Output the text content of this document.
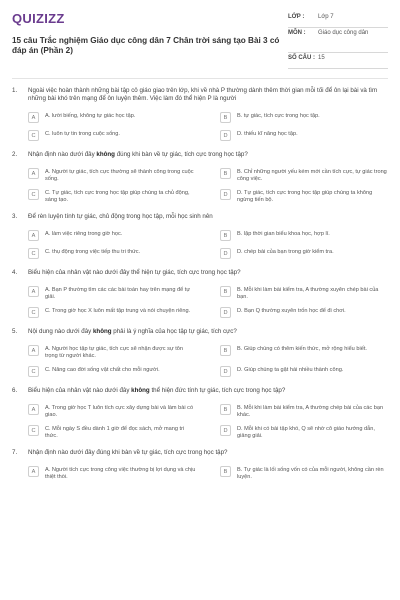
QUIZIZZ
15 câu Trắc nghiệm Giáo dục công dân 7 Chân trời sáng tạo Bài 3 có đáp án (Phần 2)
LỚP :	Lớp 7
MÔN :	Giáo dục công dân
SỐ CÂU : 15
1.	Ngoài việc hoàn thành những bài tập cô giáo giao trên lớp, khi về nhà P thường dành thêm thời gian mỗi tối để ôn lại bài và tìm những bài khó trên mạng để ôn luyện thêm. Việc làm đó thể hiện P là người
A	A. lười biếng, không tự giác học tập.	B	B. tự giác, tích cực trong học tập.
C	C. luôn tự tin trong cuộc sống.	D	D. thiếu kĩ năng học tập.
2.	Nhận định nào dưới đây không đúng khi bàn về tự giác, tích cực trong học tập?
A	A. Người tự giác, tích cực thường sẽ thành công trong cuộc sống.
B	B. Chỉ những người yếu kém mới cần tích cực, tự giác trong công việc.
C	C. Tự giác, tích cực trong học tập giúp chúng ta chủ động, sáng tạo.
D	D. Tự giác, tích cực trong học tập giúp chúng ta không ngừng tiến bộ.
3.	Để rèn luyện tính tự giác, chủ động trong học tập, mỗi học sinh nên
A	A. làm việc riêng trong giờ học.	B	B. lập thời gian biểu khoa học, hợp lí.
C	C. thụ động trong việc tiếp thu tri thức.	D	D. chép bài của bạn trong giờ kiểm tra.
4.	Biểu hiện của nhân vật nào dưới đây thể hiện tự giác, tích cực trong học tập?
A	A. Bạn P thường tìm các các bài toán hay trên mạng để tự giải.
B	B. Mỗi khi làm bài kiểm tra, A thường xuyên chép bài của bạn.
C	C. Trong giờ học X luôn mất tập trung và nói chuyện riêng.	D	D. Bạn Q thường xuyên trốn học để đi chơi.
5.	Nội dung nào dưới đây không phải là ý nghĩa của học tập tự giác, tích cực?
A	A. Người học tập tự giác, tích cực sẽ nhận được sự tôn trọng từ người khác.
B	B. Giúp chúng có thêm kiến thức, mở rộng hiểu biết.
C	C. Nâng cao đời sống vật chất cho mỗi người.	D	D. Giúp chúng ta gặt hái nhiều thành công.
6.	Biểu hiện của nhân vật nào dưới đây không thể hiện đức tính tự giác, tích cực trong học tập?
A	A. Trong giờ học T luôn tích cực xây dựng bài và làm bài có giao.
B	B. Mỗi khi làm bài kiểm tra, A thường chép bài của các bạn khác.
C	C. Mỗi ngày S đều dành 1 giờ để đọc sách, mở mang tri thức.
D	D. Mỗi khi có bài tập khó, Q sẽ nhờ cô giáo hướng dẫn, giảng giải.
7.	Nhận định nào dưới đây đúng khi bàn về tự giác, tích cực trong học tập?
A	A. Người tích cực trong công việc thường bị lợi dụng và chịu thiệt thòi.
B	B. Tự giác là lối sống vốn có của mỗi người, không cần rèn luyện.
